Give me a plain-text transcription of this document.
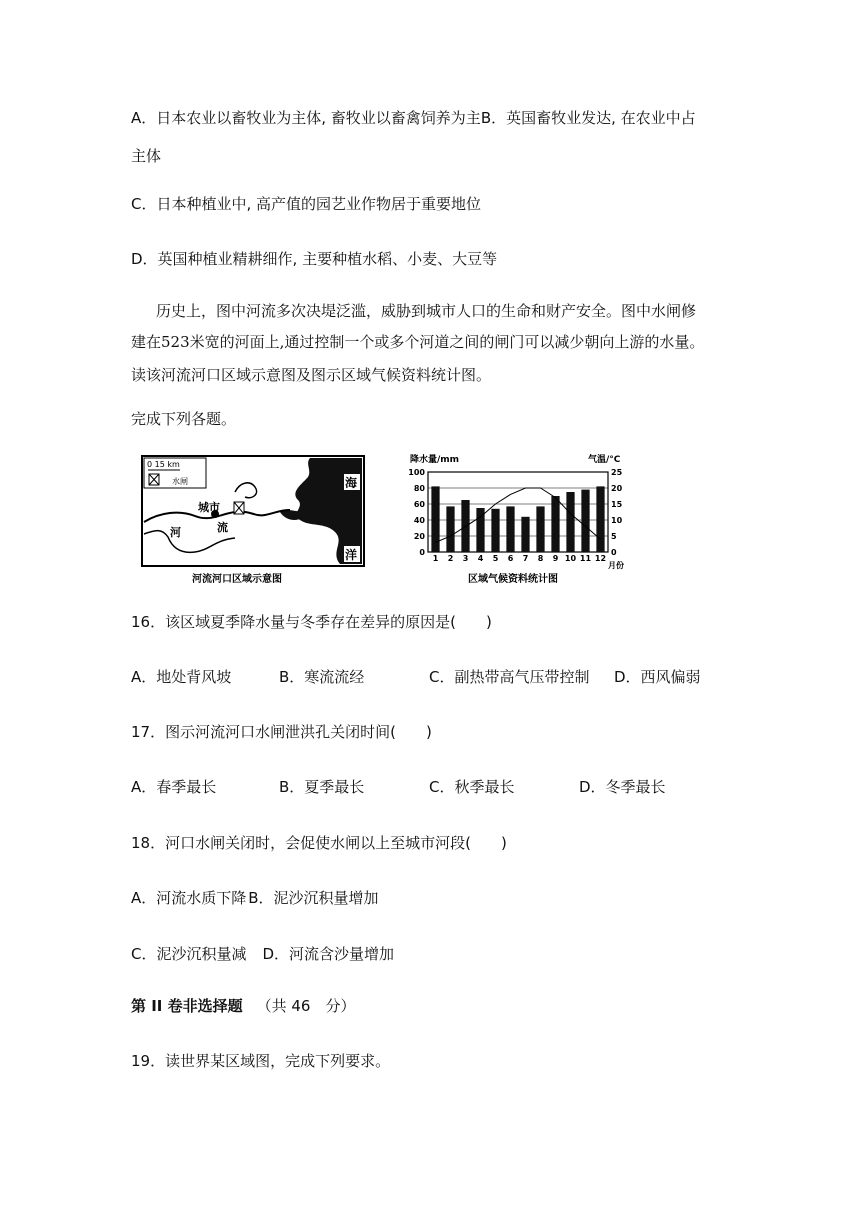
A．日本农业以畜牧业为主体, 畜牧业以畜禽饲养为主B．英国畜牧业发达, 在农业中占
主体
C．日本种植业中, 高产值的园艺业作物居于重要地位
D．英国种植业精耕细作, 主要种植水稻、小麦、大豆等
历史上，图中河流多次决堤泛滥，威胁到城市人口的生命和财产安全。图中水闸修
建在523米宽的河面上,通过控制一个或多个河道之间的闸门可以减少朝向上游的水量。
读该河流河口区域示意图及图示区域气候资料统计图。
完成下列各题。
0 15 km
水闸
城市
河	流
海
洋
河流河口区域示意图
降水量/mm	气温/°C
0
20
40
60
80
100
0
5
10
15
20
25
1 2 3 4 5 6 7 8 9 10 11 12
月份
区域气候资料统计图
16．该区域夏季降水量与冬季存在差异的原因是(　　)
A．地处背风坡	B．寒流流经	C．副热带高气压带控制 D．西风偏弱
17．图示河流河口水闸泄洪孔关闭时间(　　)
A．春季最长	B．夏季最长	C．秋季最长	D．冬季最长
18．河口水闸关闭时，会促使水闸以上至城市河段(　　)
A．河流水质下降 B．泥沙沉积量增加
C．泥沙沉积量减 D．河流含沙量增加
第 II 卷非选择题 （共 46　分）
19．读世界某区域图，完成下列要求。
